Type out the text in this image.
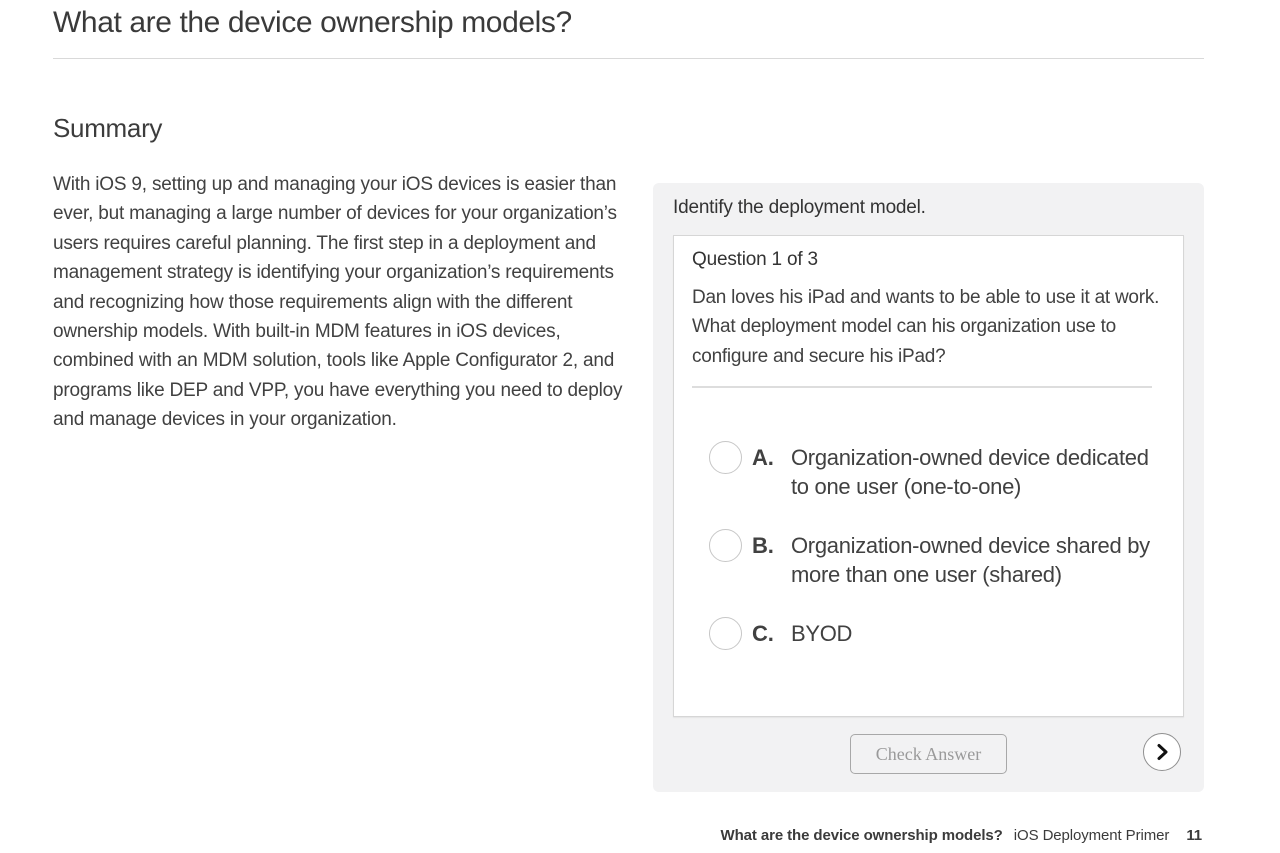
What are the device ownership models?
Summary

With iOS 9, setting up and managing your iOS devices is easier than ever, but managing a large number of devices for your organization’s users requires careful planning. The first step in a deployment and management strategy is identifying your organization’s requirements and recognizing how those requirements align with the different ownership models. With built-in MDM features in iOS devices, combined with an MDM solution, tools like Apple Configurator 2, and programs like DEP and VPP, you have everything you need to deploy and manage devices in your organization.

Identify the deployment model.
Question 1 of 3

Dan loves his iPad and wants to be able to use it at work. What deployment model can his organization use to configure and secure his iPad?

A. Organization-owned device dedicated to one user (one-to-one)
B. Organization-owned device shared by more than one user (shared)
C. BYOD
Check Answer
What are the device ownership models? iOS Deployment Primer 11
